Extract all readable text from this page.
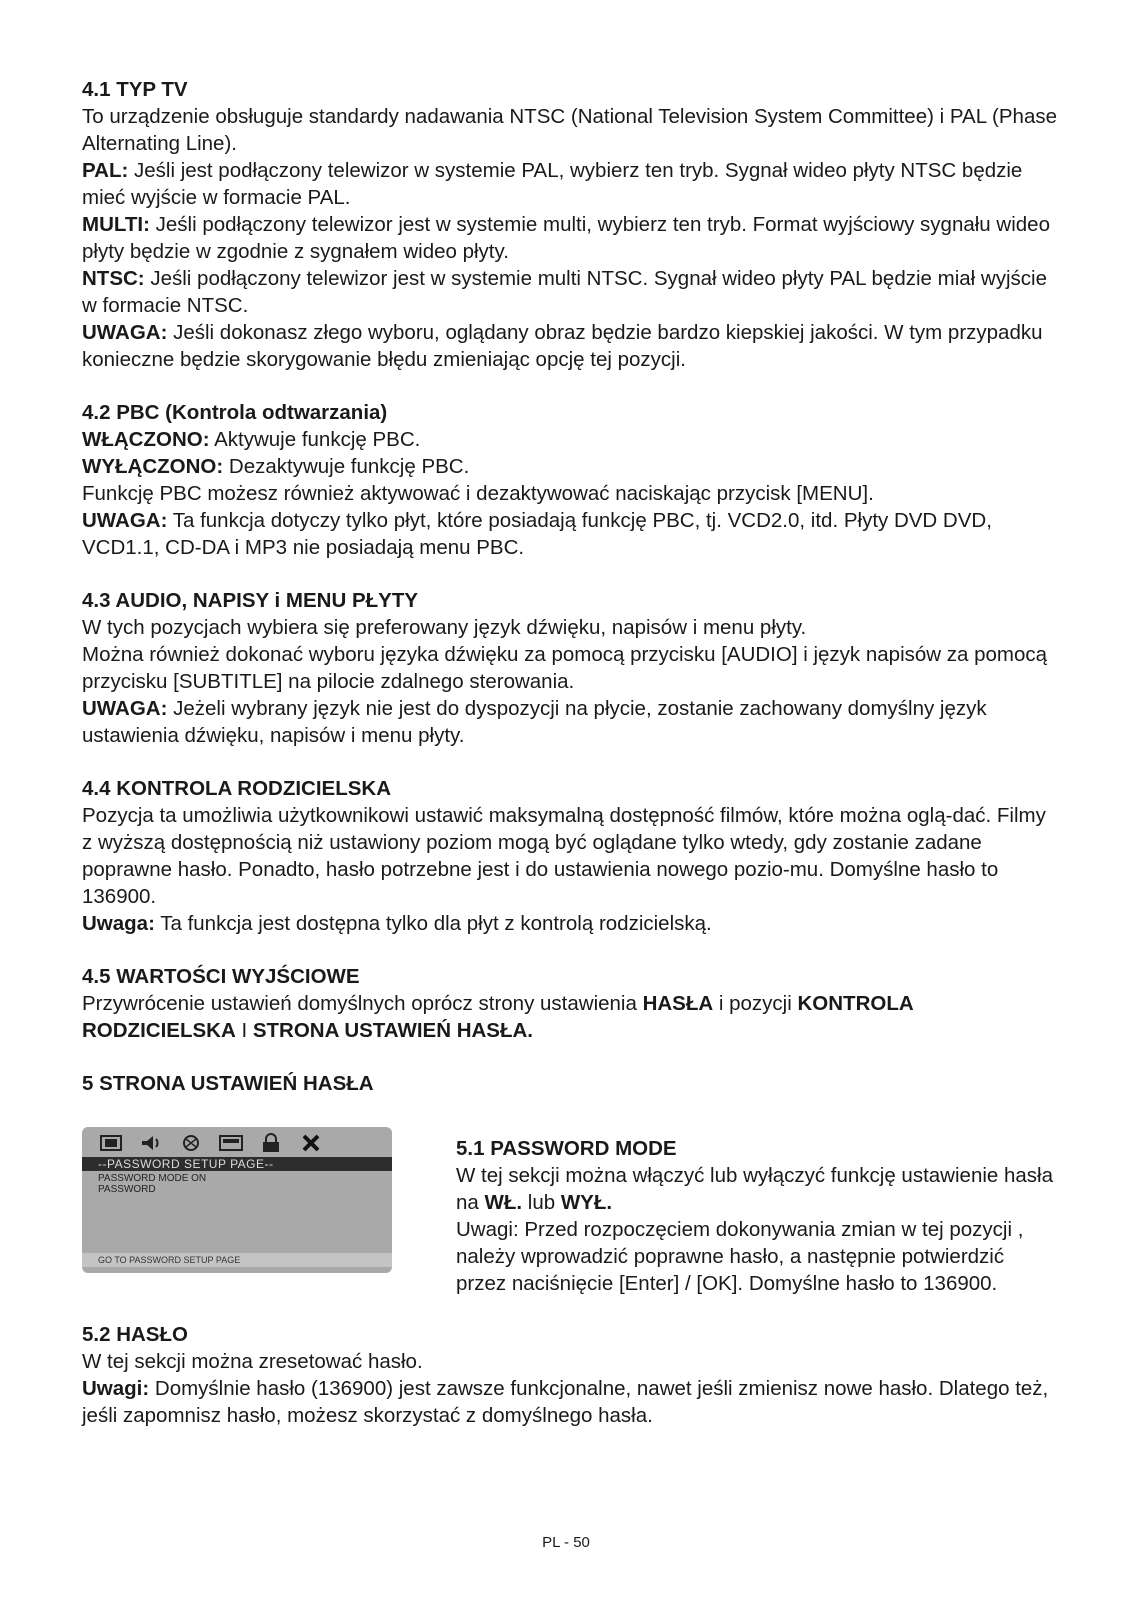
4.1 TYP TV

To urządzenie obsługuje standardy nadawania NTSC (National Television System Committee) i PAL (Phase Alternating Line).

PAL: Jeśli jest podłączony telewizor w systemie PAL, wybierz ten tryb. Sygnał wideo płyty NTSC będzie mieć wyjście w formacie PAL.

MULTI: Jeśli podłączony telewizor jest w systemie multi, wybierz ten tryb. Format wyjściowy sygnału wideo płyty będzie w zgodnie z sygnałem wideo płyty.

NTSC: Jeśli podłączony telewizor jest w systemie multi NTSC. Sygnał wideo płyty PAL będzie miał wyjście w formacie NTSC.

UWAGA: Jeśli dokonasz złego wyboru, oglądany obraz będzie bardzo kiepskiej jakości. W tym przypadku konieczne będzie skorygowanie błędu zmieniając opcję tej pozycji.

4.2 PBC (Kontrola odtwarzania)

WŁĄCZONO: Aktywuje funkcję PBC.

WYŁĄCZONO: Dezaktywuje funkcję PBC.

Funkcję PBC możesz również aktywować i dezaktywować naciskając przycisk [MENU].

UWAGA: Ta funkcja dotyczy tylko płyt, które posiadają funkcję PBC, tj. VCD2.0, itd. Płyty DVD DVD, VCD1.1, CD-DA i MP3 nie posiadają menu PBC.

4.3 AUDIO, NAPISY i MENU PŁYTY

W tych pozycjach wybiera się preferowany język dźwięku, napisów i menu płyty.

Można również dokonać wyboru języka dźwięku za pomocą przycisku [AUDIO] i język napisów za pomocą przycisku [SUBTITLE] na pilocie zdalnego sterowania.

UWAGA: Jeżeli wybrany język nie jest do dyspozycji na płycie, zostanie zachowany domyślny język ustawienia dźwięku, napisów i menu płyty.

4.4 KONTROLA RODZICIELSKA

Pozycja ta umożliwia użytkownikowi ustawić maksymalną dostępność filmów, które można oglą-dać. Filmy z wyższą dostępnością niż ustawiony poziom mogą być oglądane tylko wtedy, gdy zostanie zadane poprawne hasło. Ponadto, hasło potrzebne jest i do ustawienia nowego pozio-mu. Domyślne hasło to 136900.

Uwaga: Ta funkcja jest dostępna tylko dla płyt z kontrolą rodzicielską.

4.5 WARTOŚCI WYJŚCIOWE

Przywrócenie ustawień domyślnych oprócz strony ustawienia HASŁA i pozycji KONTROLA RODZICIELSKA I STRONA USTAWIEŃ HASŁA.

5 STRONA USTAWIEŃ HASŁA

--PASSWORD SETUP PAGE--
PASSWORD MODE ON
PASSWORD
GO TO PASSWORD SETUP PAGE

5.1 PASSWORD MODE

W tej sekcji można włączyć lub wyłączyć funkcję ustawienie hasła na WŁ. lub WYŁ.

Uwagi: Przed rozpoczęciem dokonywania zmian w tej pozycji , należy wprowadzić poprawne hasło, a następnie potwierdzić przez naciśnięcie [Enter] / [OK]. Domyślne hasło to 136900.

5.2 HASŁO

W tej sekcji można zresetować hasło.

Uwagi: Domyślnie hasło (136900) jest zawsze funkcjonalne, nawet jeśli zmienisz nowe hasło. Dlatego też, jeśli zapomnisz hasło, możesz skorzystać z domyślnego hasła.

PL - 50
